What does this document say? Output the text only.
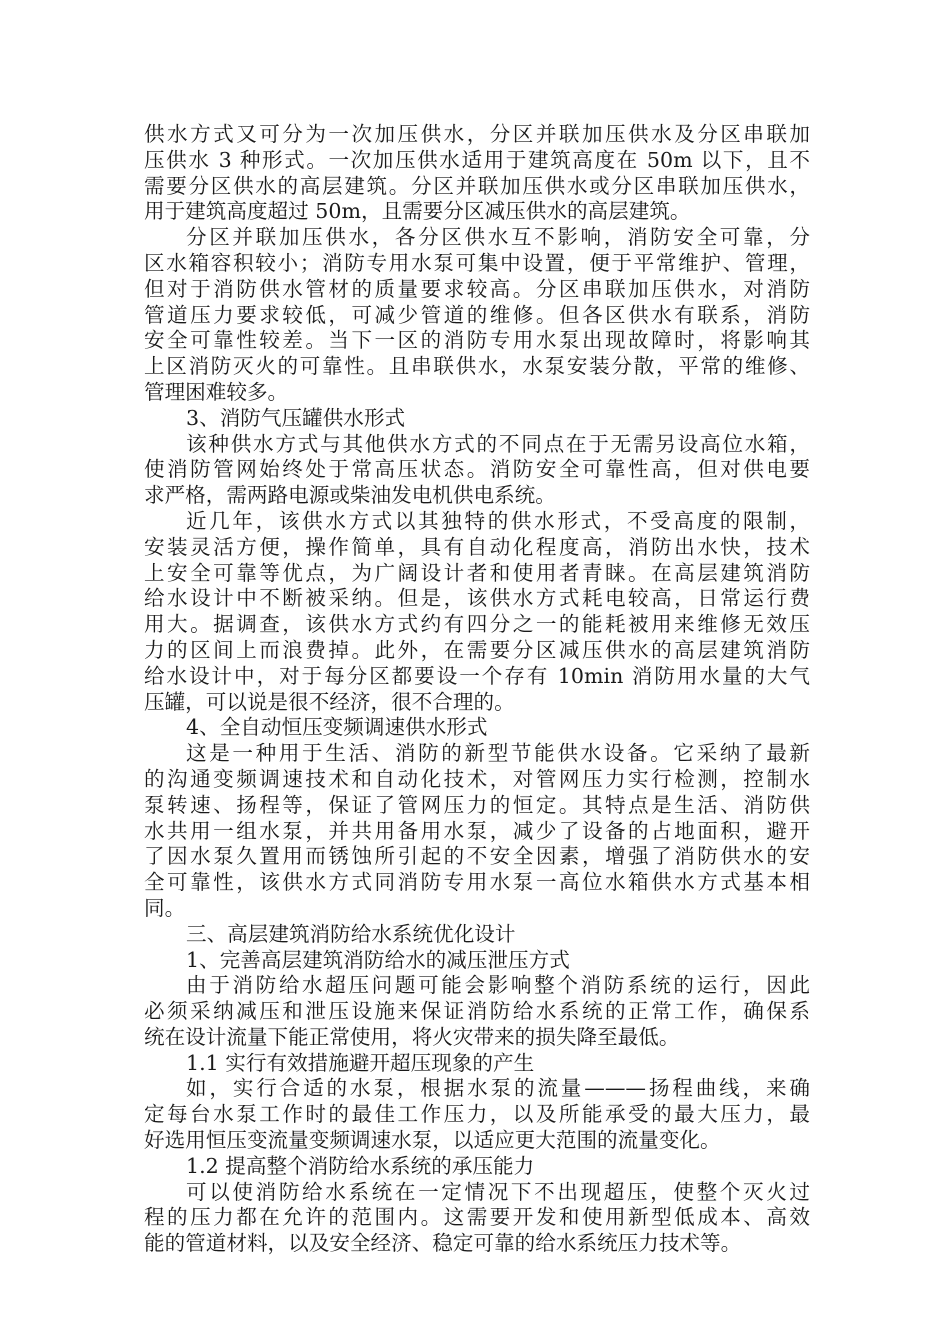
供水方式又可分为一次加压供水，分区并联加压供水及分区串联加
压供水 3 种形式。一次加压供水适用于建筑高度在 50m 以下，且不
需要分区供水的高层建筑。分区并联加压供水或分区串联加压供水，
用于建筑高度超过 50m，且需要分区减压供水的高层建筑。
分区并联加压供水，各分区供水互不影响，消防安全可靠，分
区水箱容积较小；消防专用水泵可集中设置，便于平常维护、管理，
但对于消防供水管材的质量要求较高。分区串联加压供水，对消防
管道压力要求较低，可减少管道的维修。但各区供水有联系，消防
安全可靠性较差。当下一区的消防专用水泵出现故障时，将影响其
上区消防灭火的可靠性。且串联供水，水泵安装分散，平常的维修、
管理困难较多。
3、消防气压罐供水形式
该种供水方式与其他供水方式的不同点在于无需另设高位水箱，
使消防管网始终处于常高压状态。消防安全可靠性高，但对供电要
求严格，需两路电源或柴油发电机供电系统。
近几年，该供水方式以其独特的供水形式，不受高度的限制，
安装灵活方便，操作简单，具有自动化程度高，消防出水快，技术
上安全可靠等优点，为广阔设计者和使用者青睐。在高层建筑消防
给水设计中不断被采纳。但是，该供水方式耗电较高，日常运行费
用大。据调查，该供水方式约有四分之一的能耗被用来维修无效压
力的区间上而浪费掉。此外，在需要分区减压供水的高层建筑消防
给水设计中，对于每分区都要设一个存有 10min 消防用水量的大气
压罐，可以说是很不经济，很不合理的。
4、全自动恒压变频调速供水形式
这是一种用于生活、消防的新型节能供水设备。它采纳了最新
的沟通变频调速技术和自动化技术，对管网压力实行检测，控制水
泵转速、扬程等，保证了管网压力的恒定。其特点是生活、消防供
水共用一组水泵，并共用备用水泵，减少了设备的占地面积，避开
了因水泵久置用而锈蚀所引起的不安全因素，增强了消防供水的安
全可靠性，该供水方式同消防专用水泵一高位水箱供水方式基本相
同。
三、高层建筑消防给水系统优化设计
1、完善高层建筑消防给水的减压泄压方式
由于消防给水超压问题可能会影响整个消防系统的运行，因此
必须采纳减压和泄压设施来保证消防给水系统的正常工作，确保系
统在设计流量下能正常使用，将火灾带来的损失降至最低。
1.1 实行有效措施避开超压现象的产生
如，实行合适的水泵，根据水泵的流量———扬程曲线，来确
定每台水泵工作时的最佳工作压力，以及所能承受的最大压力，最
好选用恒压变流量变频调速水泵，以适应更大范围的流量变化。
1.2 提高整个消防给水系统的承压能力
可以使消防给水系统在一定情况下不出现超压，使整个灭火过
程的压力都在允许的范围内。这需要开发和使用新型低成本、高效
能的管道材料，以及安全经济、稳定可靠的给水系统压力技术等。
